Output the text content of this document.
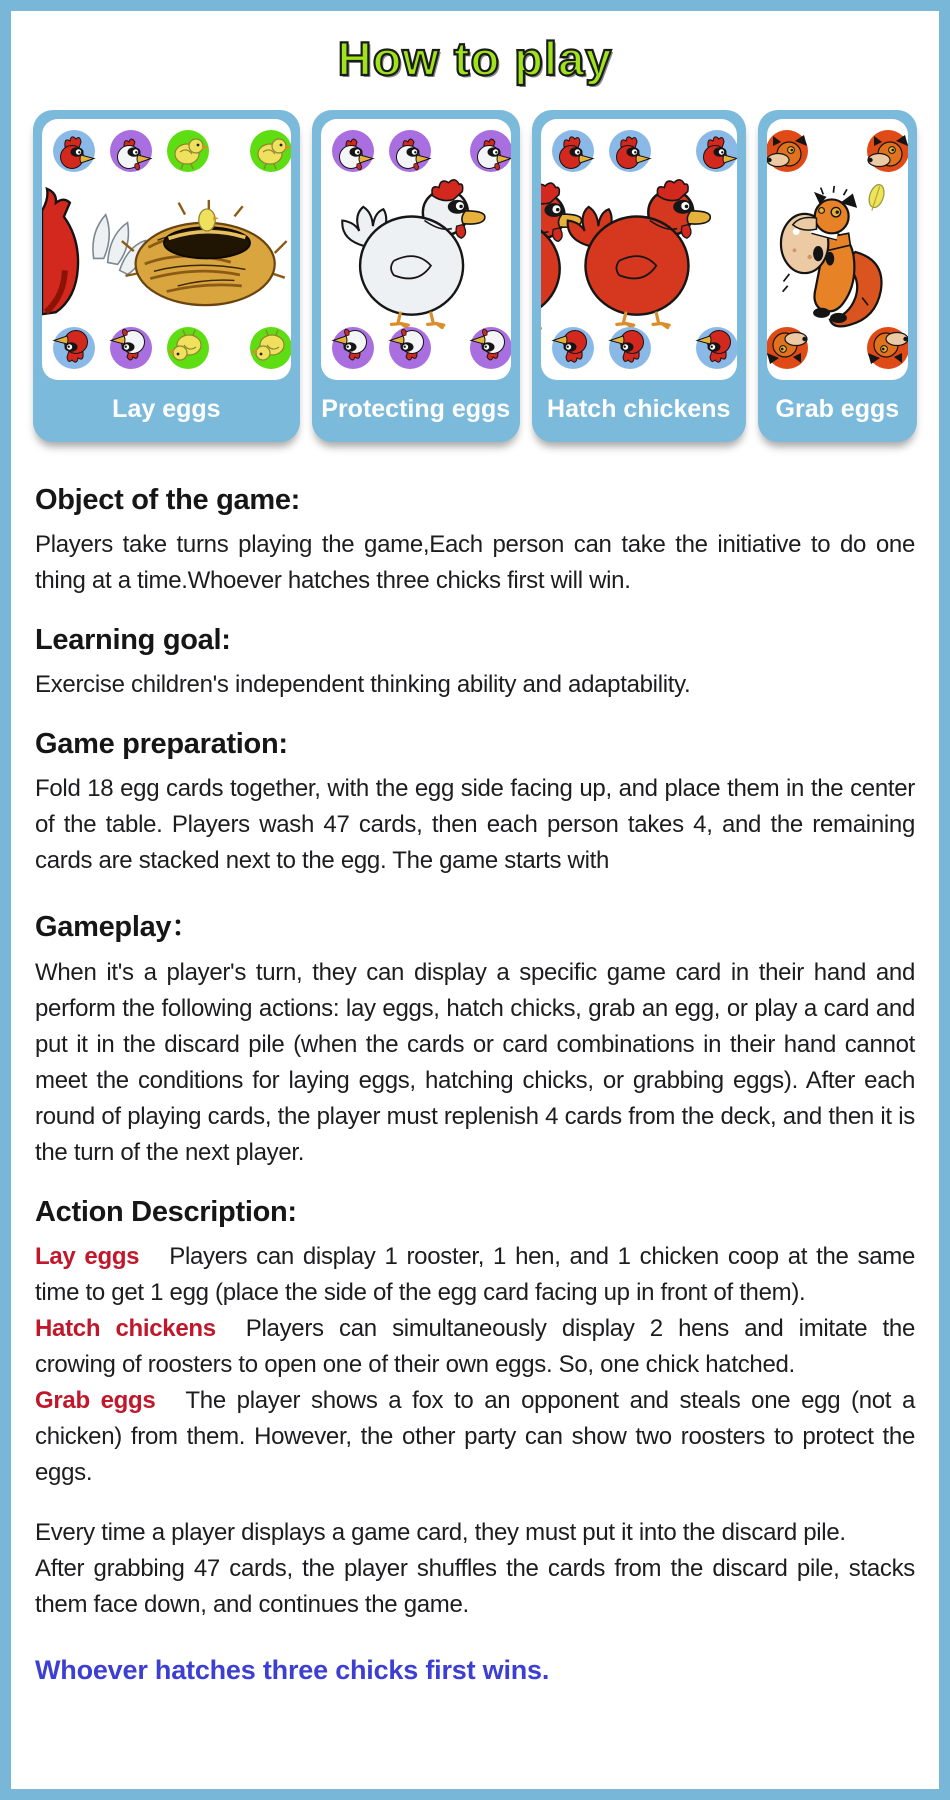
How to play
Lay eggs	Protecting eggs Hatch chickens	Grab eggs
Object of the game:

Players take turns playing the game,Each person can take the initiative to do one thing at a time.Whoever hatches three chicks first will win.

Learning goal:

Exercise children's independent thinking ability and adaptability.

Game preparation:

Fold 18 egg cards together, with the egg side facing up, and place them in the center of the table. Players wash 47 cards, then each person takes 4, and the remaining cards are stacked next to the egg. The game starts with

Gameplay：

When it's a player's turn, they can display a specific game card in their hand and perform the following actions: lay eggs, hatch chicks, grab an egg, or play a card and put it in the discard pile (when the cards or card combinations in their hand cannot meet the conditions for laying eggs, hatching chicks, or grabbing eggs). After each round of playing cards, the player must replenish 4 cards from the deck, and then it is the turn of the next player.

Action Description:

Lay eggs Players can display 1 rooster, 1 hen, and 1 chicken coop at the same time to get 1 egg (place the side of the egg card facing up in front of them).

Hatch chickens Players can simultaneously display 2 hens and imitate the crowing of roosters to open one of their own eggs. So, one chick hatched.

Grab eggs The player shows a fox to an opponent and steals one egg (not a chicken) from them. However, the other party can show two roosters to protect the eggs.

Every time a player displays a game card, they must put it into the discard pile.

After grabbing 47 cards, the player shuffles the cards from the discard pile, stacks them face down, and continues the game.

Whoever hatches three chicks first wins.
